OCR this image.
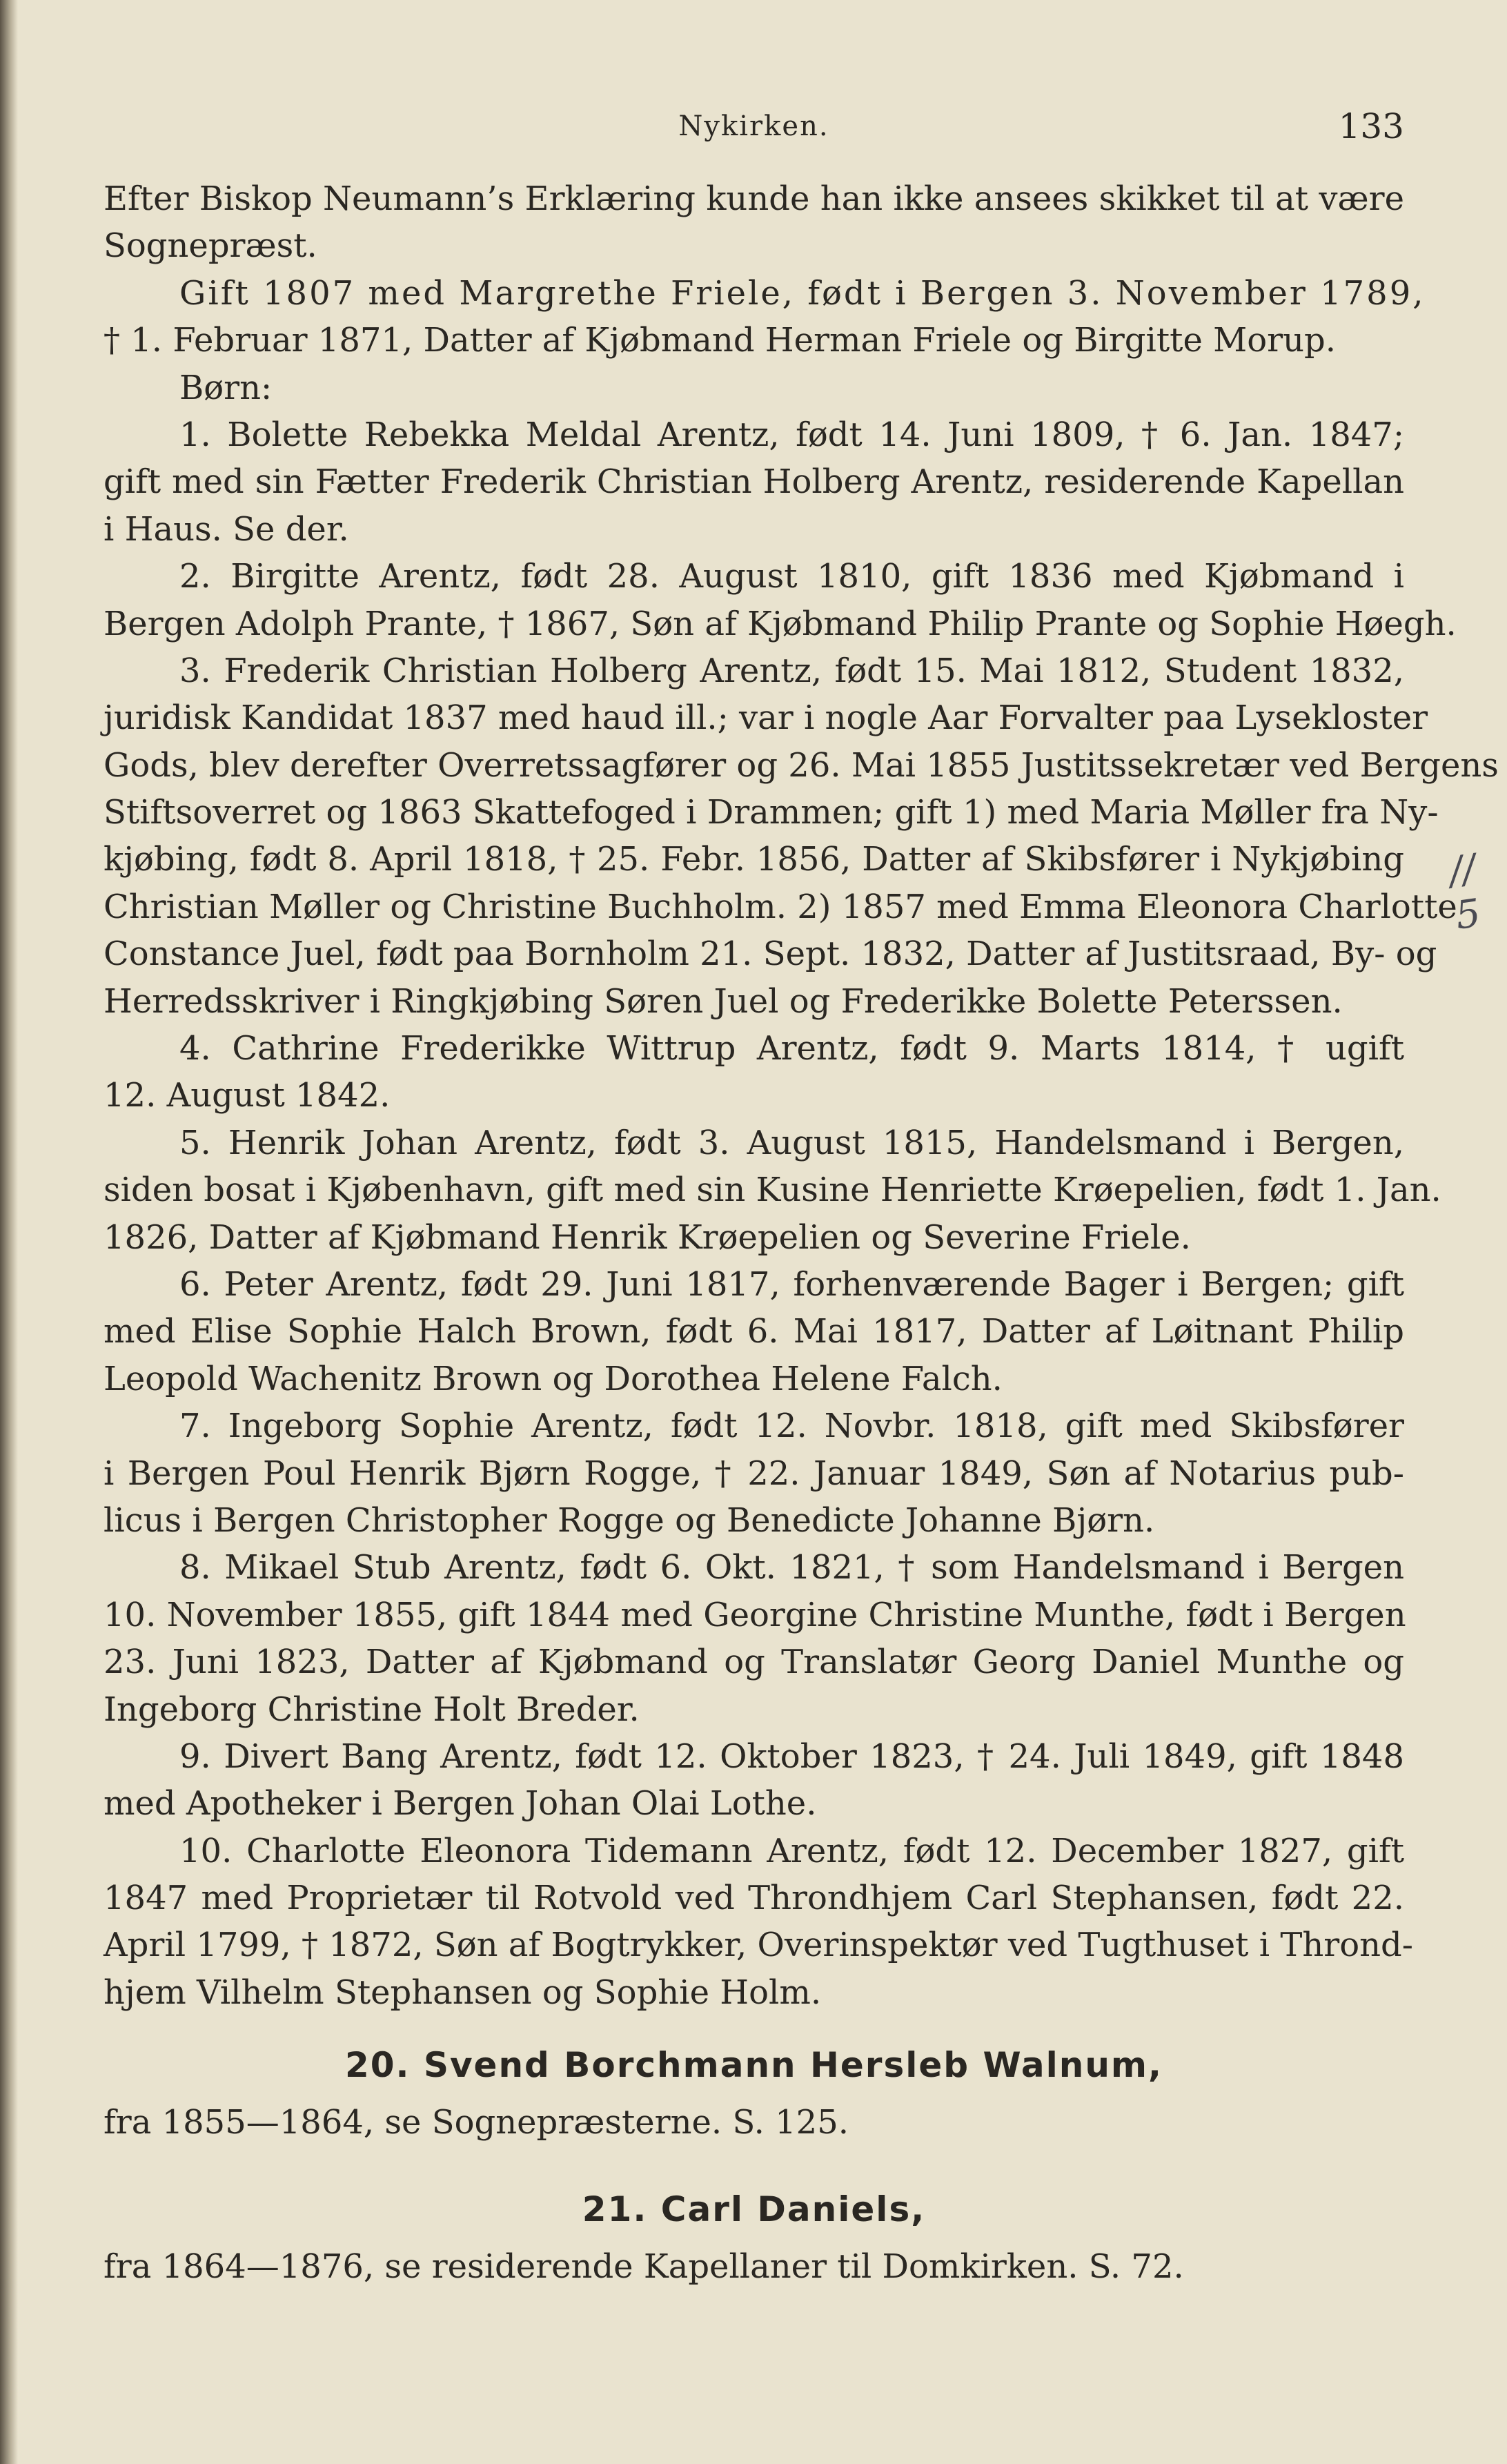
Nykirken.	133
Efter Biskop Neumann’s Erklæring kunde han ikke ansees skikket til at være
Sognepræst.
Gift 1807 med Margrethe Friele, født i Bergen 3. November 1789,
† 1. Februar 1871, Datter af Kjøbmand Herman Friele og Birgitte Morup.
Børn:
1. Bolette Rebekka Meldal Arentz, født 14. Juni 1809, † 6. Jan. 1847;
gift med sin Fætter Frederik Christian Holberg Arentz, residerende Kapellan
i Haus. Se der.
2. Birgitte Arentz, født 28. August 1810, gift 1836 med Kjøbmand i
Bergen Adolph Prante, † 1867, Søn af Kjøbmand Philip Prante og Sophie Høegh.
3. Frederik Christian Holberg Arentz, født 15. Mai 1812, Student 1832,
juridisk Kandidat 1837 med haud ill.; var i nogle Aar Forvalter paa Lysekloster
Gods, blev derefter Overretssagfører og 26. Mai 1855 Justitssekretær ved Bergens
Stiftsoverret og 1863 Skattefoged i Drammen; gift 1) med Maria Møller fra Ny-
kjøbing, født 8. April 1818, † 25. Febr. 1856, Datter af Skibsfører i Nykjøbing
Christian Møller og Christine Buchholm. 2) 1857 med Emma Eleonora Charlotte
Constance Juel, født paa Bornholm 21. Sept. 1832, Datter af Justitsraad, By- og
Herredsskriver i Ringkjøbing Søren Juel og Frederikke Bolette Peterssen.
4. Cathrine Frederikke Wittrup Arentz, født 9. Marts 1814, † ugift
12. August 1842.
5. Henrik Johan Arentz, født 3. August 1815, Handelsmand i Bergen,
siden bosat i Kjøbenhavn, gift med sin Kusine Henriette Krøepelien, født 1. Jan.
1826, Datter af Kjøbmand Henrik Krøepelien og Severine Friele.
6. Peter Arentz, født 29. Juni 1817, forhenværende Bager i Bergen; gift
med Elise Sophie Halch Brown, født 6. Mai 1817, Datter af Løitnant Philip
Leopold Wachenitz Brown og Dorothea Helene Falch.
7. Ingeborg Sophie Arentz, født 12. Novbr. 1818, gift med Skibsfører
i Bergen Poul Henrik Bjørn Rogge, † 22. Januar 1849, Søn af Notarius pub-
licus i Bergen Christopher Rogge og Benedicte Johanne Bjørn.
8. Mikael Stub Arentz, født 6. Okt. 1821, † som Handelsmand i Bergen
10. November 1855, gift 1844 med Georgine Christine Munthe, født i Bergen
23. Juni 1823, Datter af Kjøbmand og Translatør Georg Daniel Munthe og
Ingeborg Christine Holt Breder.
9. Divert Bang Arentz, født 12. Oktober 1823, † 24. Juli 1849, gift 1848
med Apotheker i Bergen Johan Olai Lothe.
10. Charlotte Eleonora Tidemann Arentz, født 12. December 1827, gift
1847 med Proprietær til Rotvold ved Throndhjem Carl Stephansen, født 22.
April 1799, † 1872, Søn af Bogtrykker, Overinspektør ved Tugthuset i Thrond-
hjem Vilhelm Stephansen og Sophie Holm.
20. Svend Borchmann Hersleb Walnum,
fra 1855—1864, se Sognepræsterne. S. 125.
21. Carl Daniels,
fra 1864—1876, se residerende Kapellaner til Domkirken. S. 72.
// 5
